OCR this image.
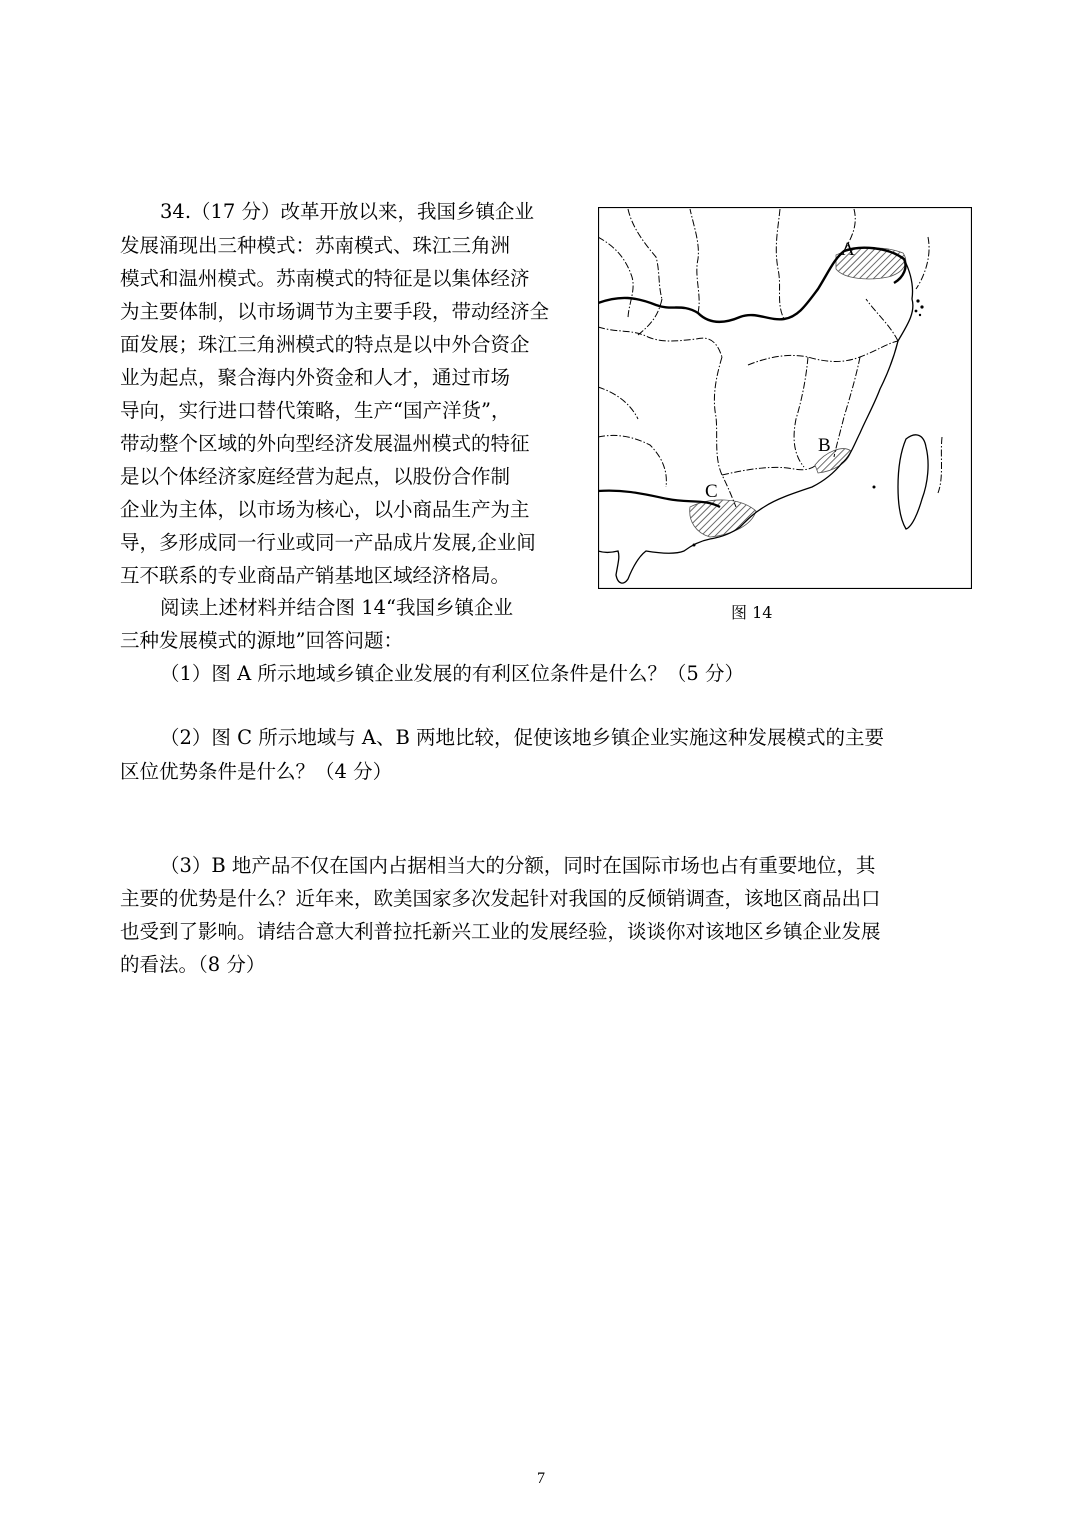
34.（17 分）改革开放以来，我国乡镇企业
发展涌现出三种模式：苏南模式、珠江三角洲
模式和温州模式。苏南模式的特征是以集体经济
为主要体制，以市场调节为主要手段，带动经济全
面发展；珠江三角洲模式的特点是以中外合资企
业为起点，聚合海内外资金和人才，通过市场
导向，实行进口替代策略，生产“国产洋货”，
带动整个区域的外向型经济发展温州模式的特征
是以个体经济家庭经营为起点，以股份合作制
企业为主体，以市场为核心，以小商品生产为主
导，多形成同一行业或同一产品成片发展,企业间
互不联系的专业商品产销基地区域经济格局。
阅读上述材料并结合图 14“我国乡镇企业
三种发展模式的源地”回答问题：
（1）图 A 所示地域乡镇企业发展的有利区位条件是什么？（5 分）
（2）图 C 所示地域与 A、B 两地比较，促使该地乡镇企业实施这种发展模式的主要
区位优势条件是什么？（4 分）
（3）B 地产品不仅在国内占据相当大的分额，同时在国际市场也占有重要地位，其
主要的优势是什么？近年来，欧美国家多次发起针对我国的反倾销调查，该地区商品出口
也受到了影响。请结合意大利普拉托新兴工业的发展经验，谈谈你对该地区乡镇企业发展
的看法。（8 分）
A
B
C
图 14
7
